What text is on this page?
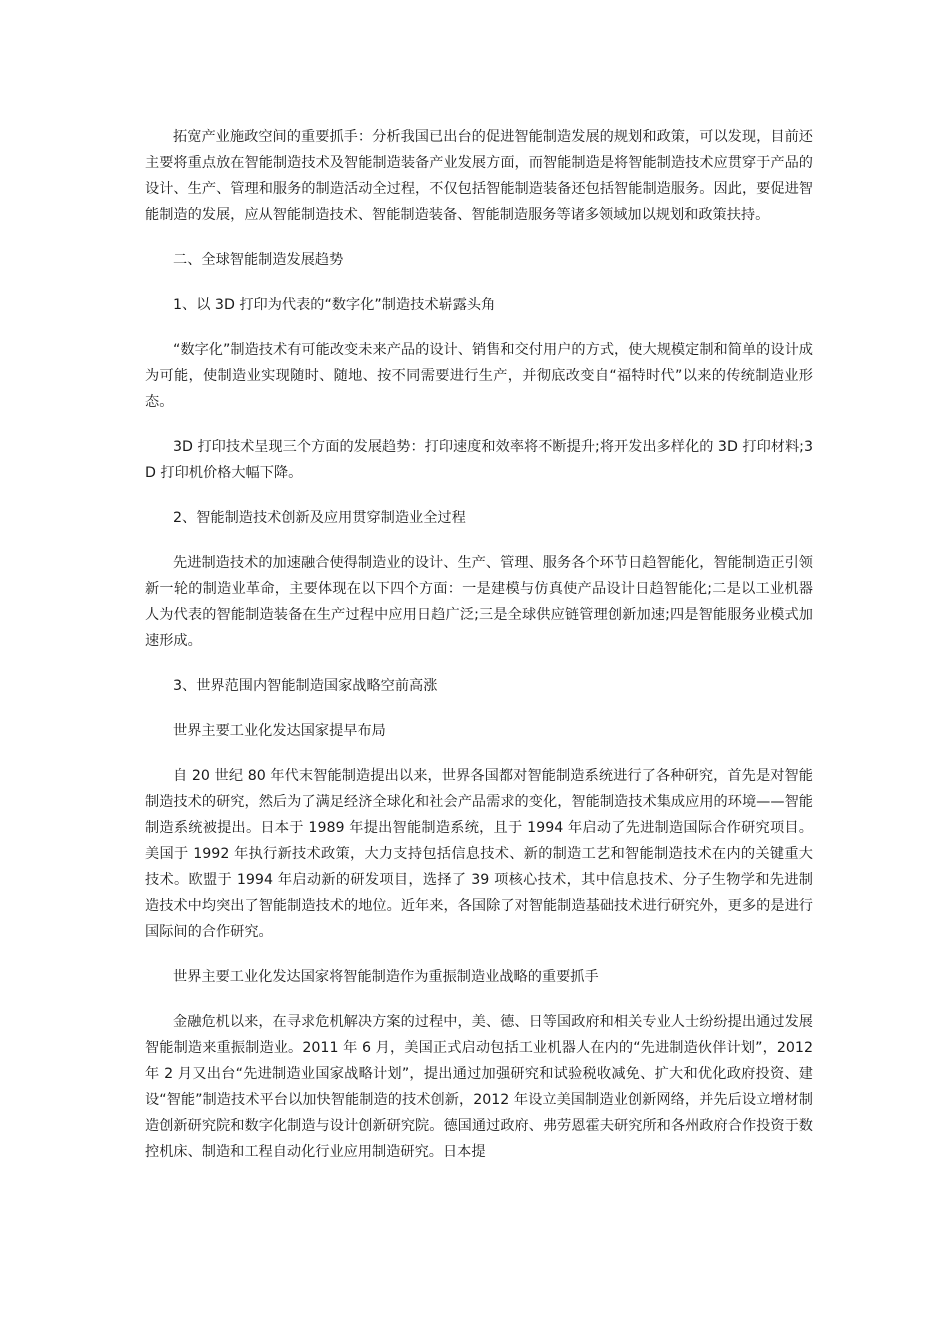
拓宽产业施政空间的重要抓手：分析我国已出台的促进智能制造发展的规划和政策，可以发现，目前还主要将重点放在智能制造技术及智能制造装备产业发展方面，而智能制造是将智能制造技术应贯穿于产品的设计、生产、管理和服务的制造活动全过程，不仅包括智能制造装备还包括智能制造服务。因此，要促进智能制造的发展，应从智能制造技术、智能制造装备、智能制造服务等诸多领域加以规划和政策扶持。

二、全球智能制造发展趋势

1、以 3D 打印为代表的“数字化”制造技术崭露头角

“数字化”制造技术有可能改变未来产品的设计、销售和交付用户的方式，使大规模定制和简单的设计成为可能，使制造业实现随时、随地、按不同需要进行生产，并彻底改变自“福特时代”以来的传统制造业形态。

3D 打印技术呈现三个方面的发展趋势：打印速度和效率将不断提升;将开发出多样化的 3D 打印材料;3D 打印机价格大幅下降。

2、智能制造技术创新及应用贯穿制造业全过程

先进制造技术的加速融合使得制造业的设计、生产、管理、服务各个环节日趋智能化，智能制造正引领新一轮的制造业革命，主要体现在以下四个方面：一是建模与仿真使产品设计日趋智能化;二是以工业机器人为代表的智能制造装备在生产过程中应用日趋广泛;三是全球供应链管理创新加速;四是智能服务业模式加速形成。

3、世界范围内智能制造国家战略空前高涨

世界主要工业化发达国家提早布局

自 20 世纪 80 年代末智能制造提出以来，世界各国都对智能制造系统进行了各种研究，首先是对智能制造技术的研究，然后为了满足经济全球化和社会产品需求的变化，智能制造技术集成应用的环境——智能制造系统被提出。日本于 1989 年提出智能制造系统，且于 1994 年启动了先进制造国际合作研究项目。美国于 1992 年执行新技术政策，大力支持包括信息技术、新的制造工艺和智能制造技术在内的关键重大技术。欧盟于 1994 年启动新的研发项目，选择了 39 项核心技术，其中信息技术、分子生物学和先进制造技术中均突出了智能制造技术的地位。近年来，各国除了对智能制造基础技术进行研究外，更多的是进行国际间的合作研究。

世界主要工业化发达国家将智能制造作为重振制造业战略的重要抓手

金融危机以来，在寻求危机解决方案的过程中，美、德、日等国政府和相关专业人士纷纷提出通过发展智能制造来重振制造业。2011 年 6 月，美国正式启动包括工业机器人在内的“先进制造伙伴计划”，2012 年 2 月又出台“先进制造业国家战略计划”，提出通过加强研究和试验税收减免、扩大和优化政府投资、建设“智能”制造技术平台以加快智能制造的技术创新，2012 年设立美国制造业创新网络，并先后设立增材制造创新研究院和数字化制造与设计创新研究院。德国通过政府、弗劳恩霍夫研究所和各州政府合作投资于数控机床、制造和工程自动化行业应用制造研究。日本提
